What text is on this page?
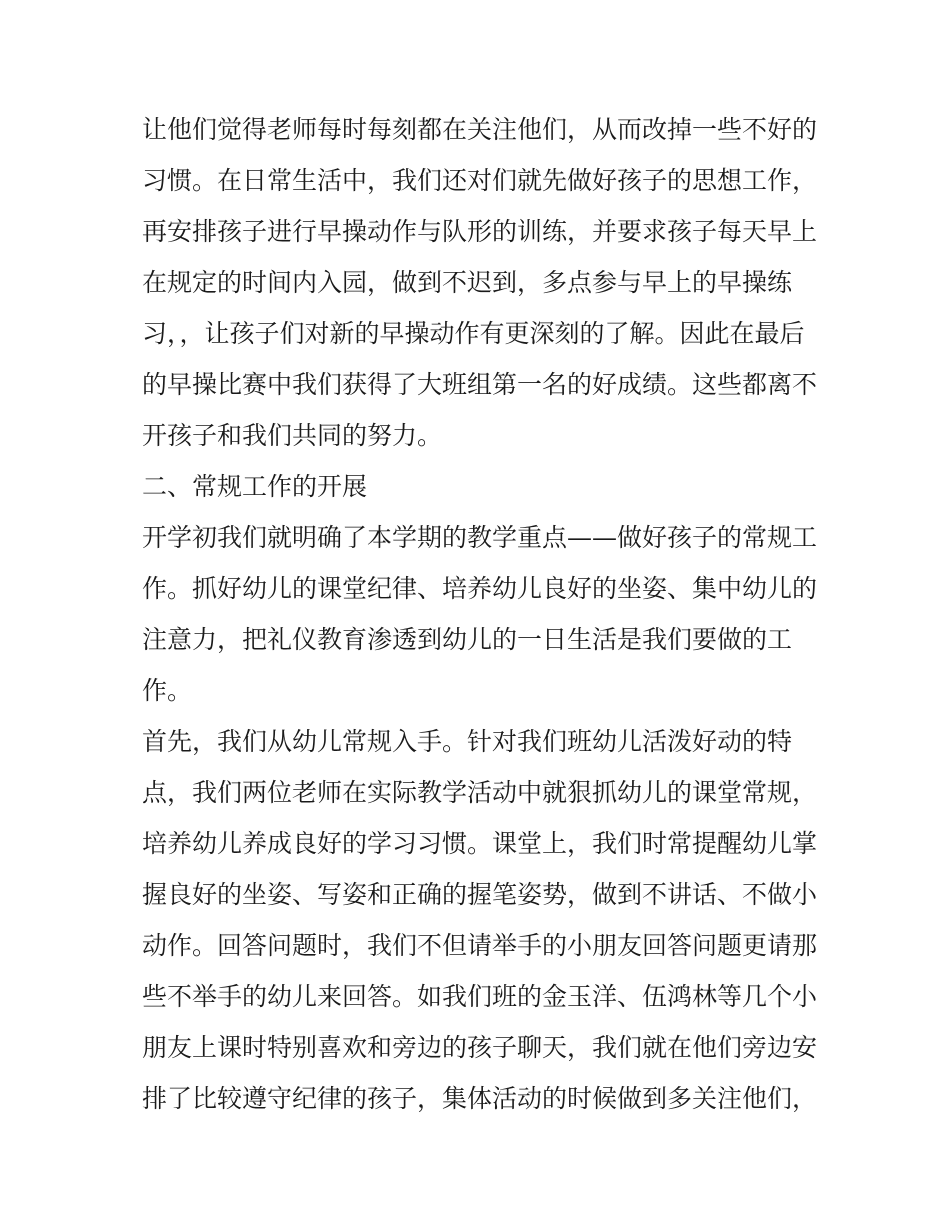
让他们觉得老师每时每刻都在关注他们，从而改掉一些不好的
习惯。在日常生活中，我们还对们就先做好孩子的思想工作，
再安排孩子进行早操动作与队形的训练，并要求孩子每天早上
在规定的时间内入园，做到不迟到，多点参与早上的早操练
习，，让孩子们对新的早操动作有更深刻的了解。因此在最后
的早操比赛中我们获得了大班组第一名的好成绩。这些都离不
开孩子和我们共同的努力。
二、常规工作的开展
开学初我们就明确了本学期的教学重点——做好孩子的常规工
作。抓好幼儿的课堂纪律、培养幼儿良好的坐姿、集中幼儿的
注意力，把礼仪教育渗透到幼儿的一日生活是我们要做的工
作。
首先，我们从幼儿常规入手。针对我们班幼儿活泼好动的特
点，我们两位老师在实际教学活动中就狠抓幼儿的课堂常规，
培养幼儿养成良好的学习习惯。课堂上，我们时常提醒幼儿掌
握良好的坐姿、写姿和正确的握笔姿势，做到不讲话、不做小
动作。回答问题时，我们不但请举手的小朋友回答问题更请那
些不举手的幼儿来回答。如我们班的金玉洋、伍鸿林等几个小
朋友上课时特别喜欢和旁边的孩子聊天，我们就在他们旁边安
排了比较遵守纪律的孩子，集体活动的时候做到多关注他们，
